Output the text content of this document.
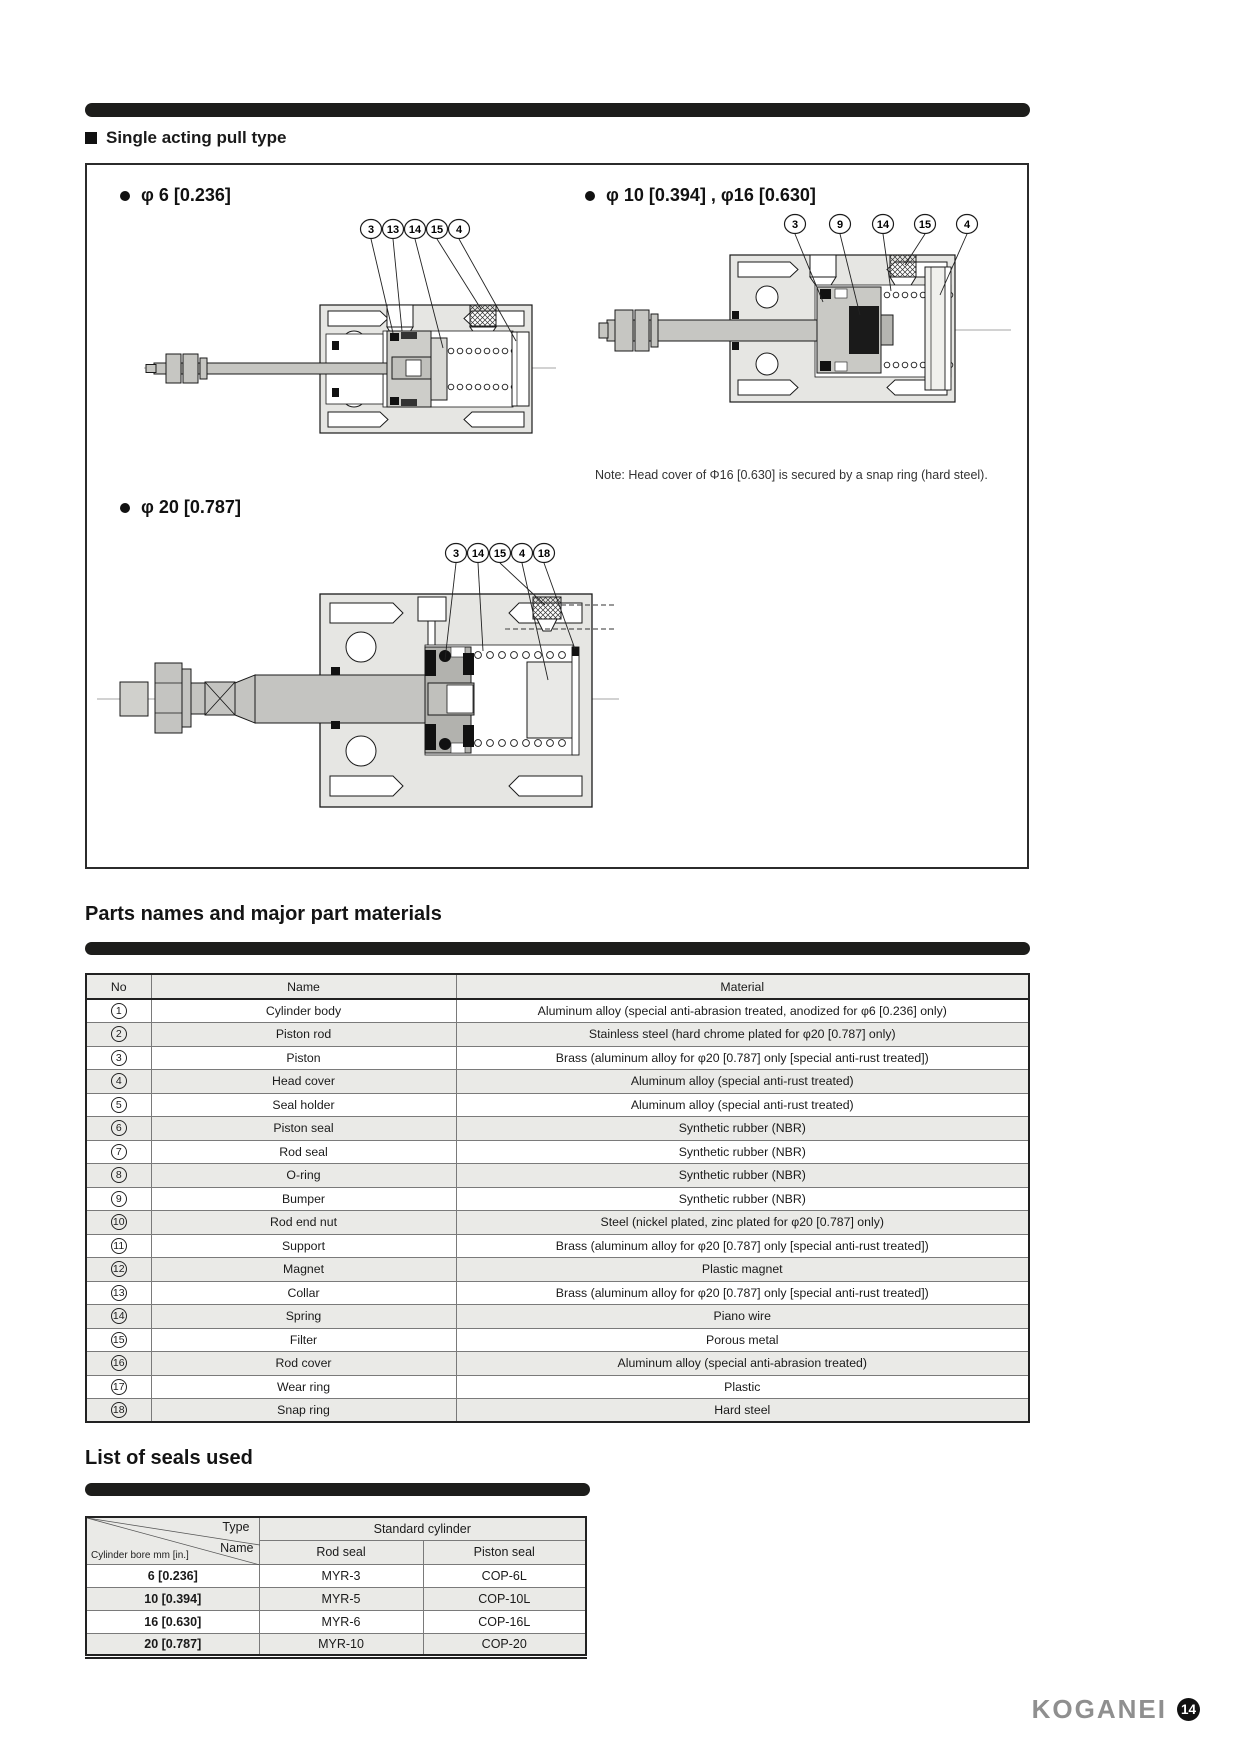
Single acting pull type
φ 6 [0.236]
3 13 14 15 4
φ 10 [0.394] , φ16 [0.630]
3	9	14	15	4
Note: Head cover of Φ16 [0.630] is secured by a snap ring (hard steel).
φ 20 [0.787]
3 14 15 4 18
Parts names and major part materials
No	Name	Material
1	Cylinder body	Aluminum alloy (special anti-abrasion treated, anodized for φ6 [0.236] only)
2	Piston rod	Stainless steel (hard chrome plated for φ20 [0.787] only)
3	Piston	Brass (aluminum alloy for φ20 [0.787] only [special anti-rust treated])
4	Head cover	Aluminum alloy (special anti-rust treated)
5	Seal holder	Aluminum alloy (special anti-rust treated)
6	Piston seal	Synthetic rubber (NBR)
7	Rod seal	Synthetic rubber (NBR)
8	O-ring	Synthetic rubber (NBR)
9	Bumper	Synthetic rubber (NBR)
10	Rod end nut	Steel (nickel plated, zinc plated for φ20 [0.787] only)
11	Support	Brass (aluminum alloy for φ20 [0.787] only [special anti-rust treated])
12	Magnet	Plastic magnet
13	Collar	Brass (aluminum alloy for φ20 [0.787] only [special anti-rust treated])
14	Spring	Piano wire
15	Filter	Porous metal
16	Rod cover	Aluminum alloy (special anti-abrasion treated)
17	Wear ring	Plastic
18	Snap ring	Hard steel
List of seals used
Type
Name
Cylinder bore mm [in.]	Standard cylinder	
	Rod seal	Piston seal
6 [0.236]	MYR-3	COP-6L
10 [0.394]	MYR-5	COP-10L
16 [0.630]	MYR-6	COP-16L
20 [0.787]	MYR-10	COP-20
KOGANEI 14
